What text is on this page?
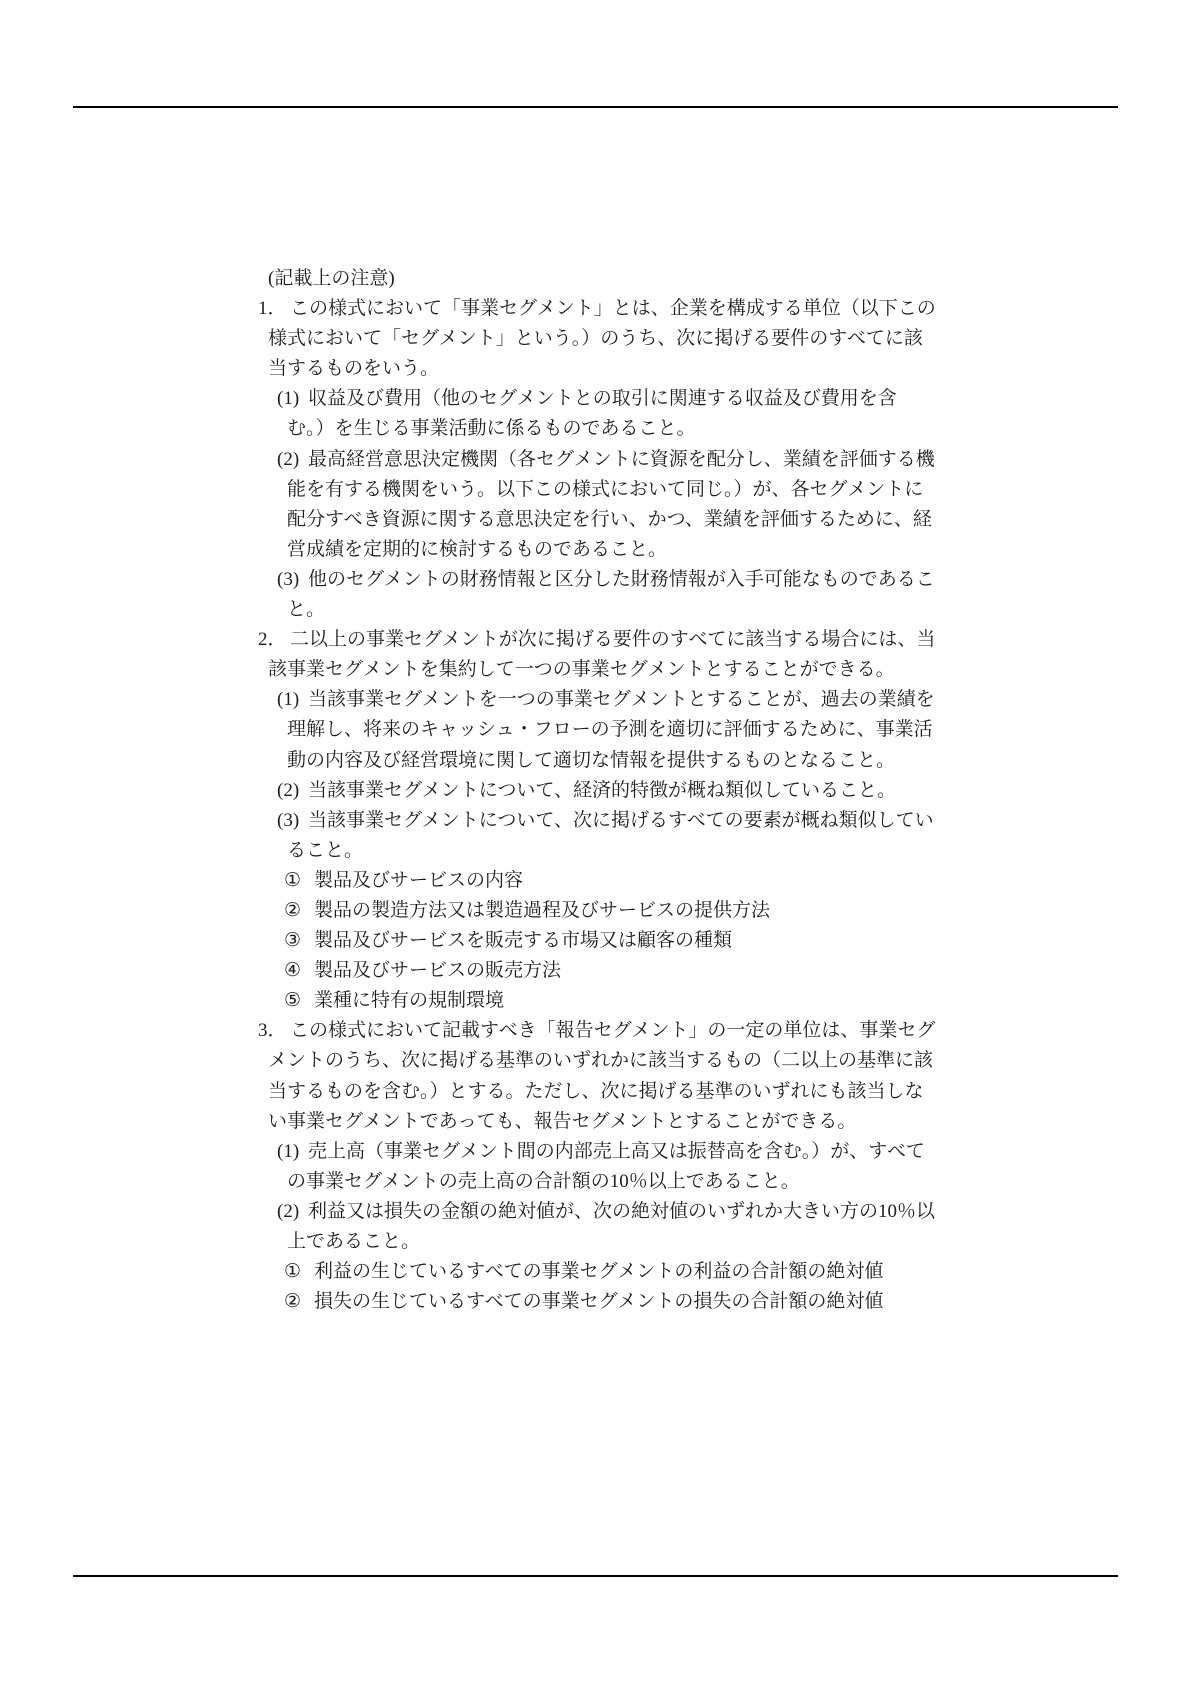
(記載上の注意)
1． この様式において「事業セグメント」とは、企業を構成する単位（以下この
様式において「セグメント」という。）のうち、次に掲げる要件のすべてに該
当するものをいう。
(1) 収益及び費用（他のセグメントとの取引に関連する収益及び費用を含
む。）を生じる事業活動に係るものであること。
(2) 最高経営意思決定機関（各セグメントに資源を配分し、業績を評価する機
能を有する機関をいう。以下この様式において同じ。）が、各セグメントに
配分すべき資源に関する意思決定を行い、かつ、業績を評価するために、経
営成績を定期的に検討するものであること。
(3) 他のセグメントの財務情報と区分した財務情報が入手可能なものであるこ
と。
2． 二以上の事業セグメントが次に掲げる要件のすべてに該当する場合には、当
該事業セグメントを集約して一つの事業セグメントとすることができる。
(1) 当該事業セグメントを一つの事業セグメントとすることが、過去の業績を
理解し、将来のキャッシュ・フローの予測を適切に評価するために、事業活
動の内容及び経営環境に関して適切な情報を提供するものとなること。
(2) 当該事業セグメントについて、経済的特徴が概ね類似していること。
(3) 当該事業セグメントについて、次に掲げるすべての要素が概ね類似してい
ること。
① 製品及びサービスの内容
② 製品の製造方法又は製造過程及びサービスの提供方法
③ 製品及びサービスを販売する市場又は顧客の種類
④ 製品及びサービスの販売方法
⑤ 業種に特有の規制環境
3． この様式において記載すべき「報告セグメント」の一定の単位は、事業セグ
メントのうち、次に掲げる基準のいずれかに該当するもの（二以上の基準に該
当するものを含む。）とする。ただし、次に掲げる基準のいずれにも該当しな
い事業セグメントであっても、報告セグメントとすることができる。
(1) 売上高（事業セグメント間の内部売上高又は振替高を含む。）が、すべて
の事業セグメントの売上高の合計額の10％以上であること。
(2) 利益又は損失の金額の絶対値が、次の絶対値のいずれか大きい方の10％以
上であること。
① 利益の生じているすべての事業セグメントの利益の合計額の絶対値
② 損失の生じているすべての事業セグメントの損失の合計額の絶対値
